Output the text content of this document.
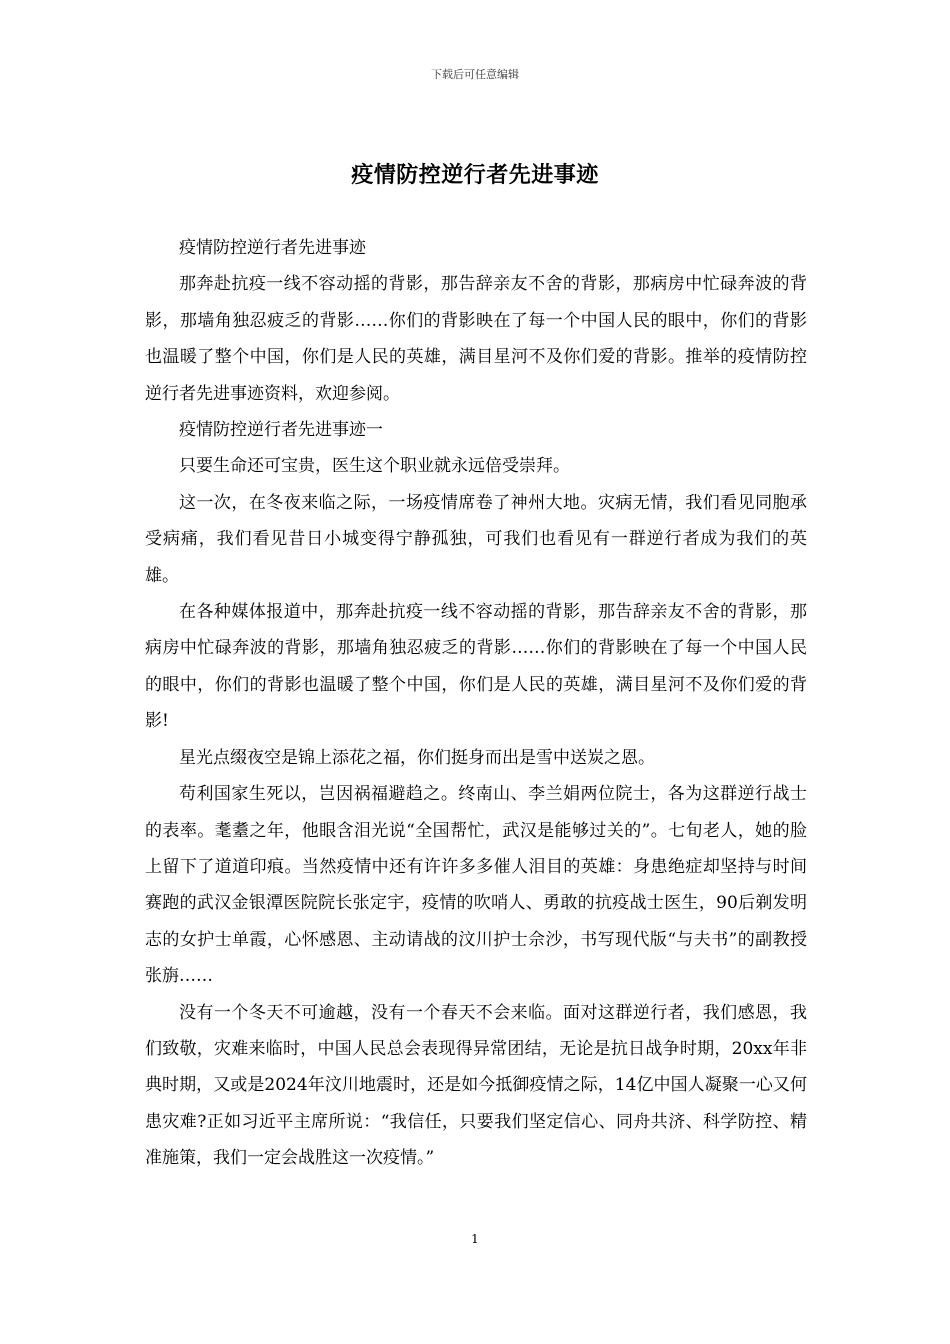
下载后可任意编辑
疫情防控逆行者先进事迹

疫情防控逆行者先进事迹

那奔赴抗疫一线不容动摇的背影，那告辞亲友不舍的背影，那病房中忙碌奔波的背影，那墙角独忍疲乏的背影……你们的背影映在了每一个中国人民的眼中，你们的背影也温暖了整个中国，你们是人民的英雄，满目星河不及你们爱的背影。推举的疫情防控逆行者先进事迹资料，欢迎参阅。

疫情防控逆行者先进事迹一

只要生命还可宝贵，医生这个职业就永远倍受崇拜。

这一次，在冬夜来临之际，一场疫情席卷了神州大地。灾病无情，我们看见同胞承受病痛，我们看见昔日小城变得宁静孤独，可我们也看见有一群逆行者成为我们的英雄。

在各种媒体报道中，那奔赴抗疫一线不容动摇的背影，那告辞亲友不舍的背影，那病房中忙碌奔波的背影，那墙角独忍疲乏的背影……你们的背影映在了每一个中国人民的眼中，你们的背影也温暖了整个中国，你们是人民的英雄，满目星河不及你们爱的背影!

星光点缀夜空是锦上添花之福，你们挺身而出是雪中送炭之恩。

苟利国家生死以，岂因祸福避趋之。终南山、李兰娟两位院士，各为这群逆行战士的表率。耄耋之年，他眼含泪光说“全国帮忙，武汉是能够过关的”。七旬老人，她的脸上留下了道道印痕。当然疫情中还有许许多多催人泪目的英雄：身患绝症却坚持与时间赛跑的武汉金银潭医院院长张定宇，疫情的吹哨人、勇敢的抗疫战士医生，90后剃发明志的女护士单霞，心怀感恩、主动请战的汶川护士佘沙，书写现代版“与夫书”的副教授张旃……

没有一个冬天不可逾越，没有一个春天不会来临。面对这群逆行者，我们感恩，我们致敬，灾难来临时，中国人民总会表现得异常团结，无论是抗日战争时期，20xx年非典时期，又或是2024年汶川地震时，还是如今抵御疫情之际，14亿中国人凝聚一心又何患灾难?正如习近平主席所说：“我信任，只要我们坚定信心、同舟共济、科学防控、精准施策，我们一定会战胜这一次疫情。”

1
